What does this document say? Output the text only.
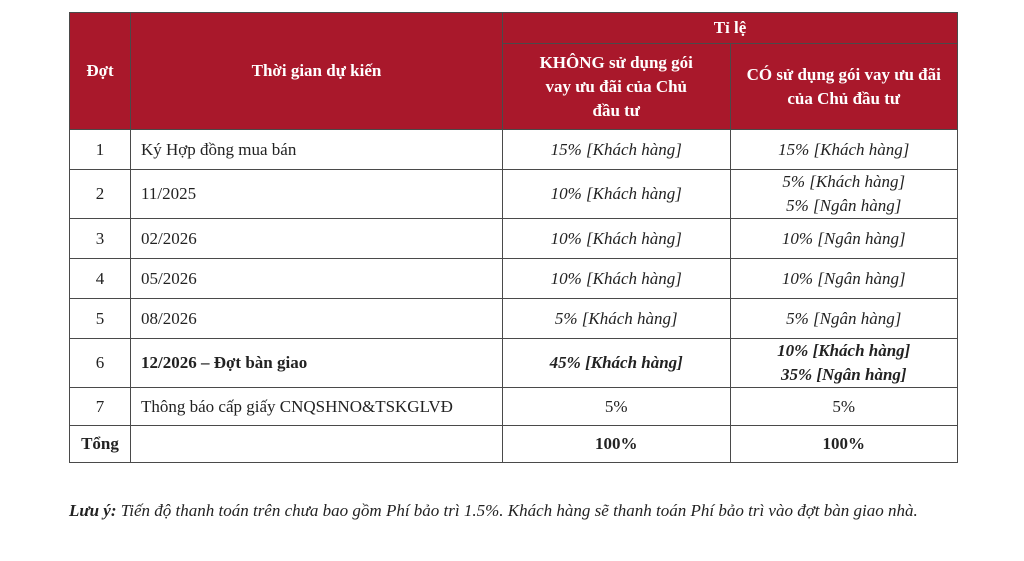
Đợt	Thời gian dự kiến	Tỉ lệ	

		KHÔNG sử dụng gói
vay ưu đãi của Chủ
đầu tư	CÓ sử dụng gói vay ưu đãi
của Chủ đầu tư

1	Ký Hợp đồng mua bán	15% [Khách hàng]	15% [Khách hàng]

2	11/2025	10% [Khách hàng]	5% [Khách hàng]
5% [Ngân hàng]

3	02/2026	10% [Khách hàng]	10% [Ngân hàng]

4	05/2026	10% [Khách hàng]	10% [Ngân hàng]

5	08/2026	5% [Khách hàng]	5% [Ngân hàng]

6	12/2026 – Đợt bàn giao	45% [Khách hàng]	10% [Khách hàng]
35% [Ngân hàng]

7	Thông báo cấp giấy CNQSHNO&TSKGLVĐ	5%	5%

Tổng		100%	100%
Lưu ý: Tiến độ thanh toán trên chưa bao gồm Phí bảo trì 1.5%. Khách hàng sẽ thanh toán Phí bảo trì vào đợt bàn giao nhà.
